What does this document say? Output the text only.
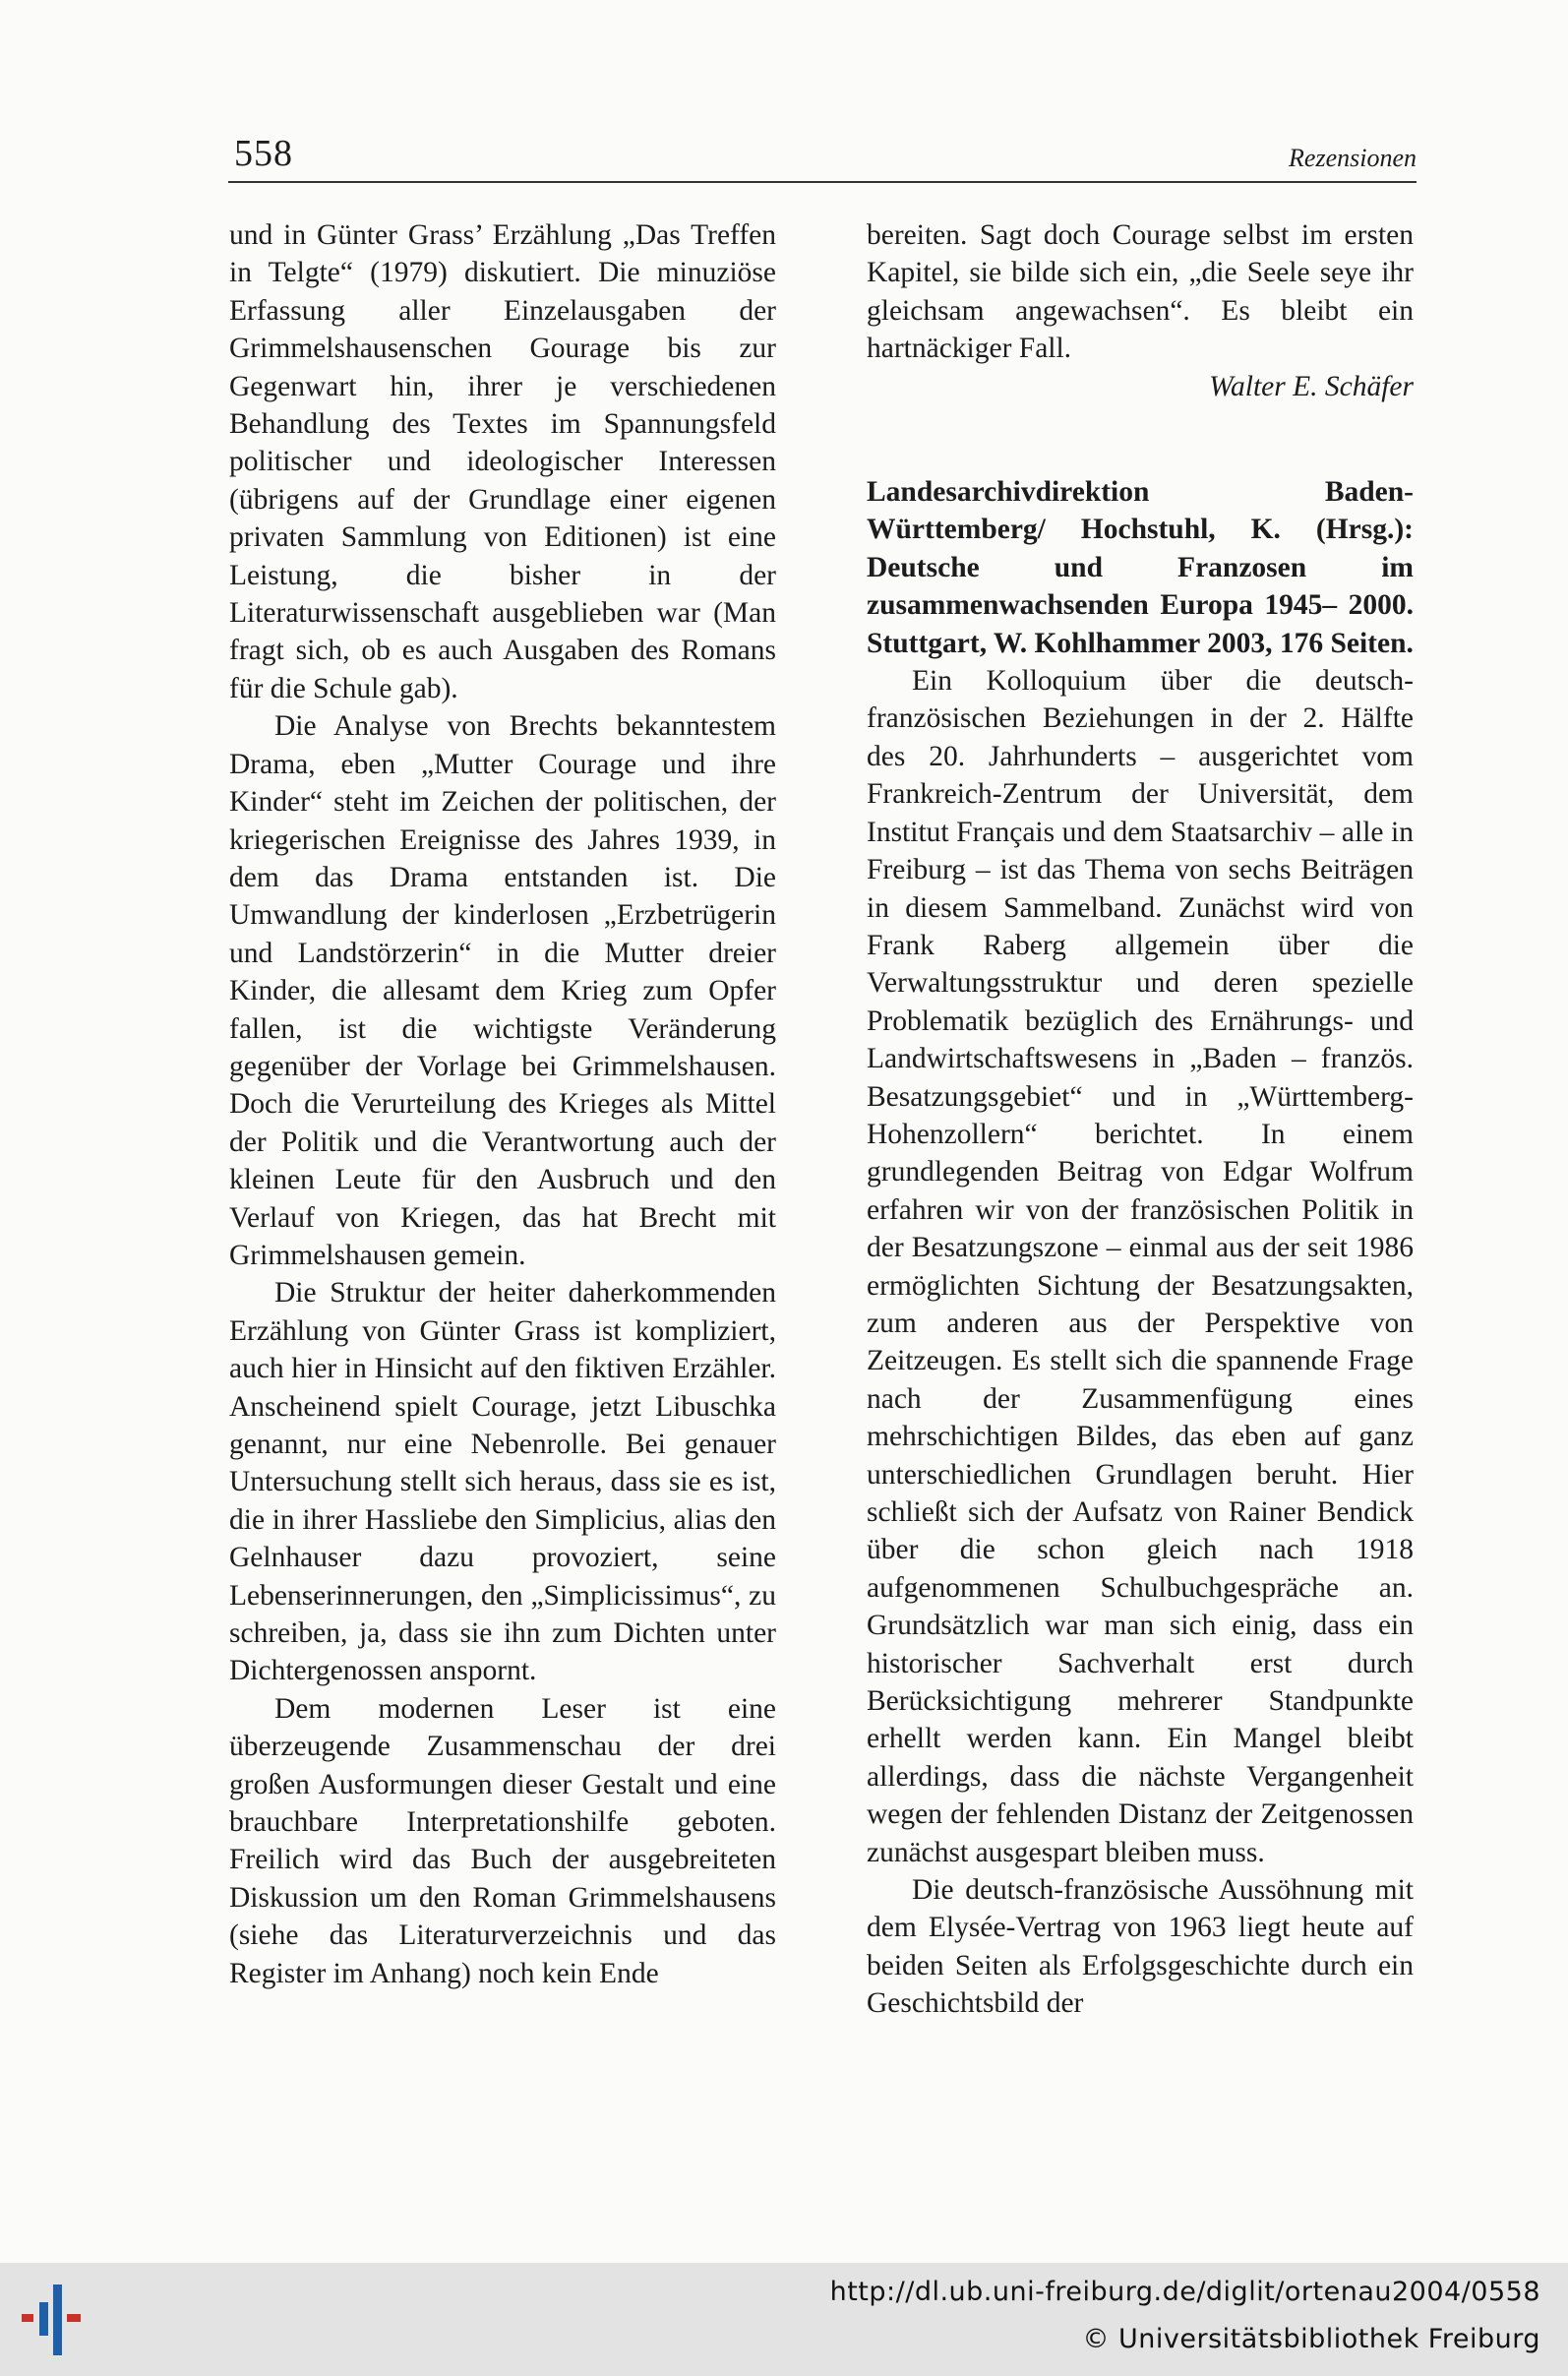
558	Rezensionen

und in Günter Grass’ Erzählung „Das Treffen in Telgte“ (1979) diskutiert. Die minuziöse Erfassung aller Einzelausgaben der Grimmelshausenschen Gourage bis zur Gegenwart hin, ihrer je verschiedenen Behandlung des Textes im Spannungsfeld politischer und ideologischer Interessen (übrigens auf der Grundlage einer eigenen privaten Sammlung von Editionen) ist eine Leistung, die bisher in der Literaturwissenschaft ausgeblieben war (Man fragt sich, ob es auch Ausgaben des Romans für die Schule gab).

Die Analyse von Brechts bekanntestem Drama, eben „Mutter Courage und ihre Kinder“ steht im Zeichen der politischen, der kriegerischen Ereignisse des Jahres 1939, in dem das Drama entstanden ist. Die Umwandlung der kinderlosen „Erzbetrügerin und Landstörzerin“ in die Mutter dreier Kinder, die allesamt dem Krieg zum Opfer fallen, ist die wichtigste Veränderung gegenüber der Vorlage bei Grimmelshausen. Doch die Verurteilung des Krieges als Mittel der Politik und die Verantwortung auch der kleinen Leute für den Ausbruch und den Verlauf von Kriegen, das hat Brecht mit Grimmelshausen gemein.

Die Struktur der heiter daherkommenden Erzählung von Günter Grass ist kompliziert, auch hier in Hinsicht auf den fiktiven Erzähler. Anscheinend spielt Courage, jetzt Libuschka genannt, nur eine Nebenrolle. Bei genauer Untersuchung stellt sich heraus, dass sie es ist, die in ihrer Hassliebe den Simplicius, alias den Gelnhauser dazu provoziert, seine Lebenserinnerungen, den „Simplicissimus“, zu schreiben, ja, dass sie ihn zum Dichten unter Dichtergenossen anspornt.

Dem modernen Leser ist eine überzeugende Zusammenschau der drei großen Ausformungen dieser Gestalt und eine brauchbare Interpretationshilfe geboten. Freilich wird das Buch der ausgebreiteten Diskussion um den Roman Grimmelshausens (siehe das Literaturverzeichnis und das Register im Anhang) noch kein Ende

bereiten. Sagt doch Courage selbst im ersten Kapitel, sie bilde sich ein, „die Seele seye ihr gleichsam angewachsen“. Es bleibt ein hartnäckiger Fall.

Walter E. Schäfer

Landesarchivdirektion Baden-Württemberg/ Hochstuhl, K. (Hrsg.): Deutsche und Franzosen im zusammenwachsenden Europa 1945– 2000. Stuttgart, W. Kohlhammer 2003, 176 Seiten.

Ein Kolloquium über die deutsch-französischen Beziehungen in der 2. Hälfte des 20. Jahrhunderts – ausgerichtet vom Frankreich-Zentrum der Universität, dem Institut Français und dem Staatsarchiv – alle in Freiburg – ist das Thema von sechs Beiträgen in diesem Sammelband. Zunächst wird von Frank Raberg allgemein über die Verwaltungsstruktur und deren spezielle Problematik bezüglich des Ernährungs- und Landwirtschaftswesens in „Baden – französ. Besatzungsgebiet“ und in „Württemberg-Hohenzollern“ berichtet. In einem grundlegenden Beitrag von Edgar Wolfrum erfahren wir von der französischen Politik in der Besatzungszone – einmal aus der seit 1986 ermöglichten Sichtung der Besatzungsakten, zum anderen aus der Perspektive von Zeitzeugen. Es stellt sich die spannende Frage nach der Zusammenfügung eines mehrschichtigen Bildes, das eben auf ganz unterschiedlichen Grundlagen beruht. Hier schließt sich der Aufsatz von Rainer Bendick über die schon gleich nach 1918 aufgenommenen Schulbuchgespräche an. Grundsätzlich war man sich einig, dass ein historischer Sachverhalt erst durch Berücksichtigung mehrerer Standpunkte erhellt werden kann. Ein Mangel bleibt allerdings, dass die nächste Vergangenheit wegen der fehlenden Distanz der Zeitgenossen zunächst ausgespart bleiben muss.

Die deutsch-französische Aussöhnung mit dem Elysée-Vertrag von 1963 liegt heute auf beiden Seiten als Erfolgsgeschichte durch ein Geschichtsbild der

http://dl.ub.uni-freiburg.de/diglit/ortenau2004/0558
© Universitätsbibliothek Freiburg
